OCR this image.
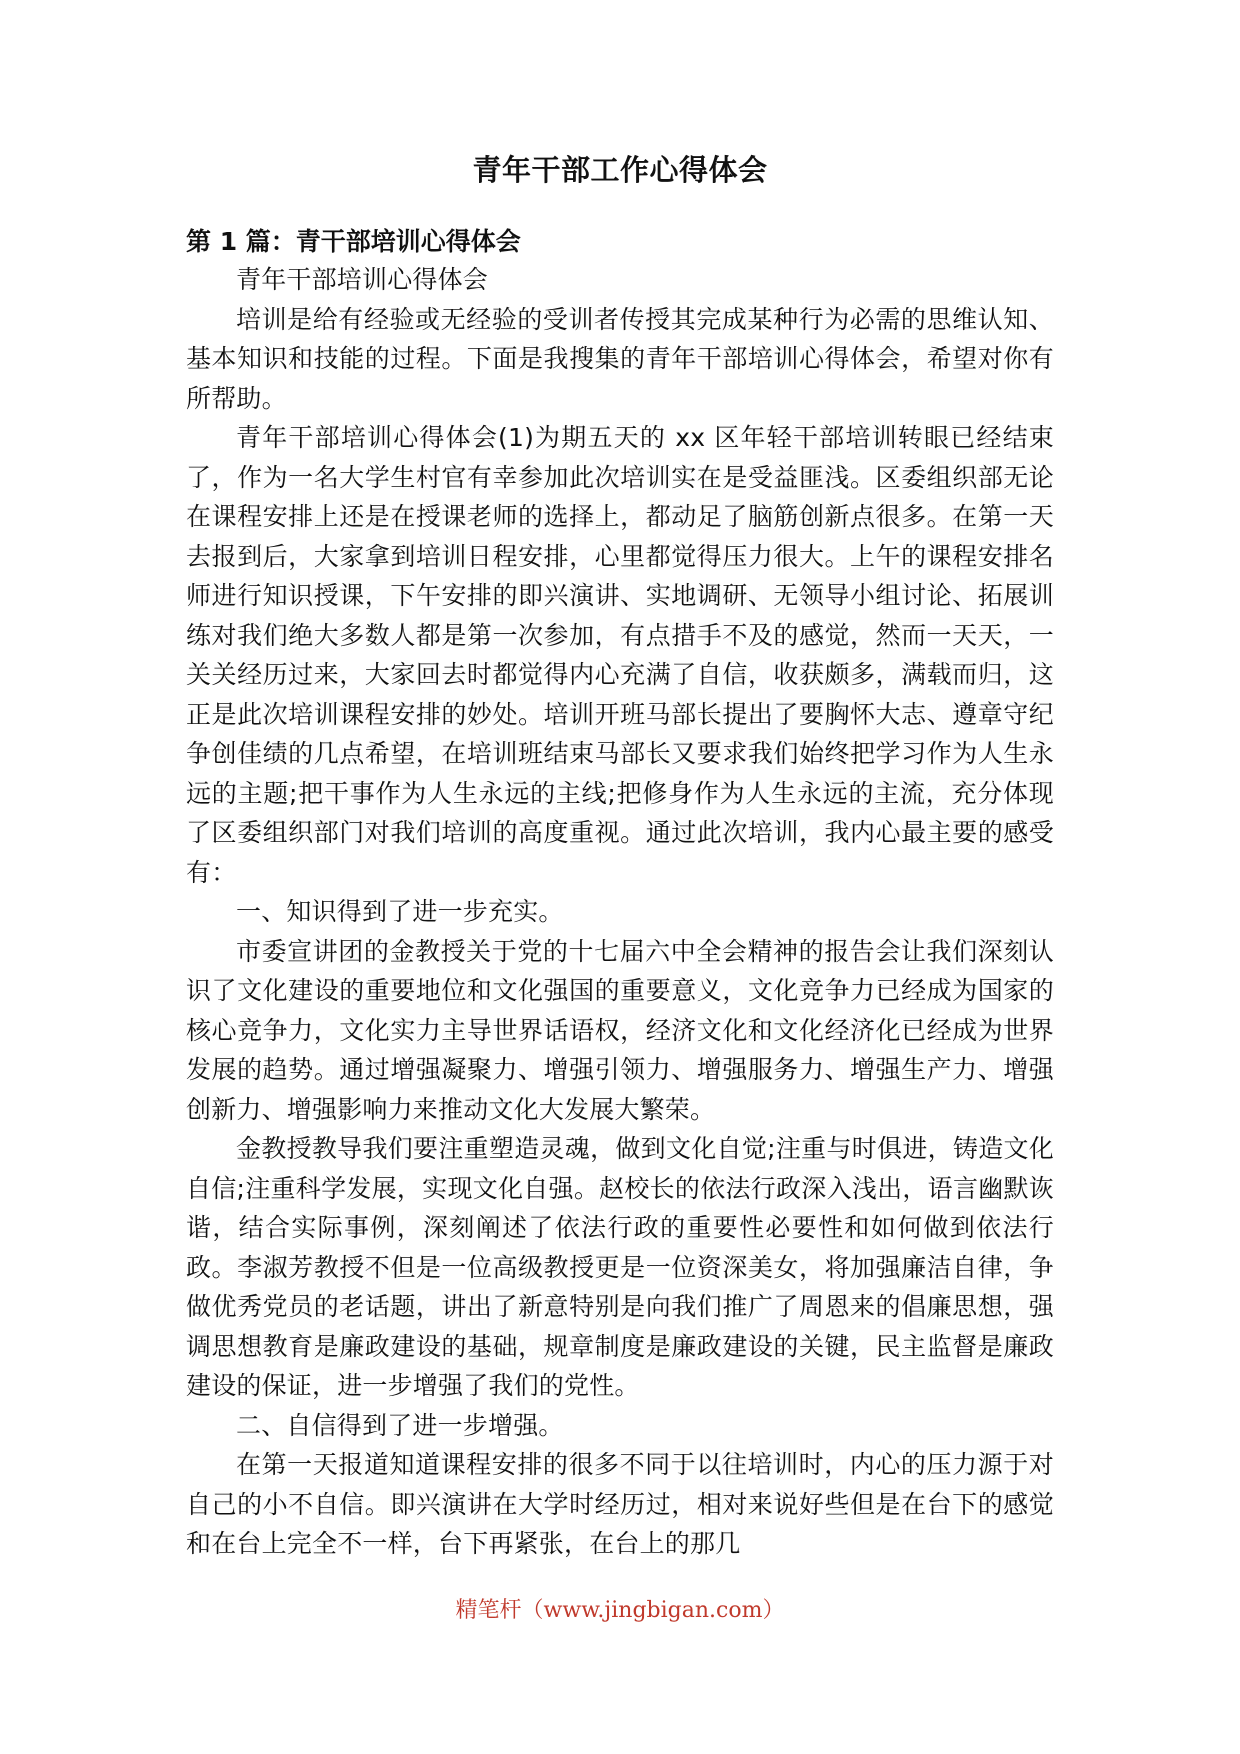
青年干部工作心得体会
第 1 篇：青干部培训心得体会

青年干部培训心得体会

培训是给有经验或无经验的受训者传授其完成某种行为必需的思维认知、基本知识和技能的过程。下面是我搜集的青年干部培训心得体会，希望对你有所帮助。

青年干部培训心得体会(1)为期五天的 xx 区年轻干部培训转眼已经结束了，作为一名大学生村官有幸参加此次培训实在是受益匪浅。区委组织部无论在课程安排上还是在授课老师的选择上，都动足了脑筋创新点很多。在第一天去报到后，大家拿到培训日程安排，心里都觉得压力很大。上午的课程安排名师进行知识授课，下午安排的即兴演讲、实地调研、无领导小组讨论、拓展训练对我们绝大多数人都是第一次参加，有点措手不及的感觉，然而一天天，一关关经历过来，大家回去时都觉得内心充满了自信，收获颇多，满载而归，这正是此次培训课程安排的妙处。培训开班马部长提出了要胸怀大志、遵章守纪争创佳绩的几点希望，在培训班结束马部长又要求我们始终把学习作为人生永远的主题;把干事作为人生永远的主线;把修身作为人生永远的主流，充分体现了区委组织部门对我们培训的高度重视。通过此次培训，我内心最主要的感受有：

一、知识得到了进一步充实。

市委宣讲团的金教授关于党的十七届六中全会精神的报告会让我们深刻认识了文化建设的重要地位和文化强国的重要意义，文化竞争力已经成为国家的核心竞争力，文化实力主导世界话语权，经济文化和文化经济化已经成为世界发展的趋势。通过增强凝聚力、增强引领力、增强服务力、增强生产力、增强创新力、增强影响力来推动文化大发展大繁荣。

金教授教导我们要注重塑造灵魂，做到文化自觉;注重与时俱进，铸造文化自信;注重科学发展，实现文化自强。赵校长的依法行政深入浅出，语言幽默诙谐，结合实际事例，深刻阐述了依法行政的重要性必要性和如何做到依法行政。李淑芳教授不但是一位高级教授更是一位资深美女，将加强廉洁自律，争做优秀党员的老话题，讲出了新意特别是向我们推广了周恩来的倡廉思想，强调思想教育是廉政建设的基础，规章制度是廉政建设的关键，民主监督是廉政建设的保证，进一步增强了我们的党性。

二、自信得到了进一步增强。

在第一天报道知道课程安排的很多不同于以往培训时，内心的压力源于对自己的小不自信。即兴演讲在大学时经历过，相对来说好些但是在台下的感觉和在台上完全不一样，台下再紧张，在台上的那几

精笔杆（www.jingbigan.com）
